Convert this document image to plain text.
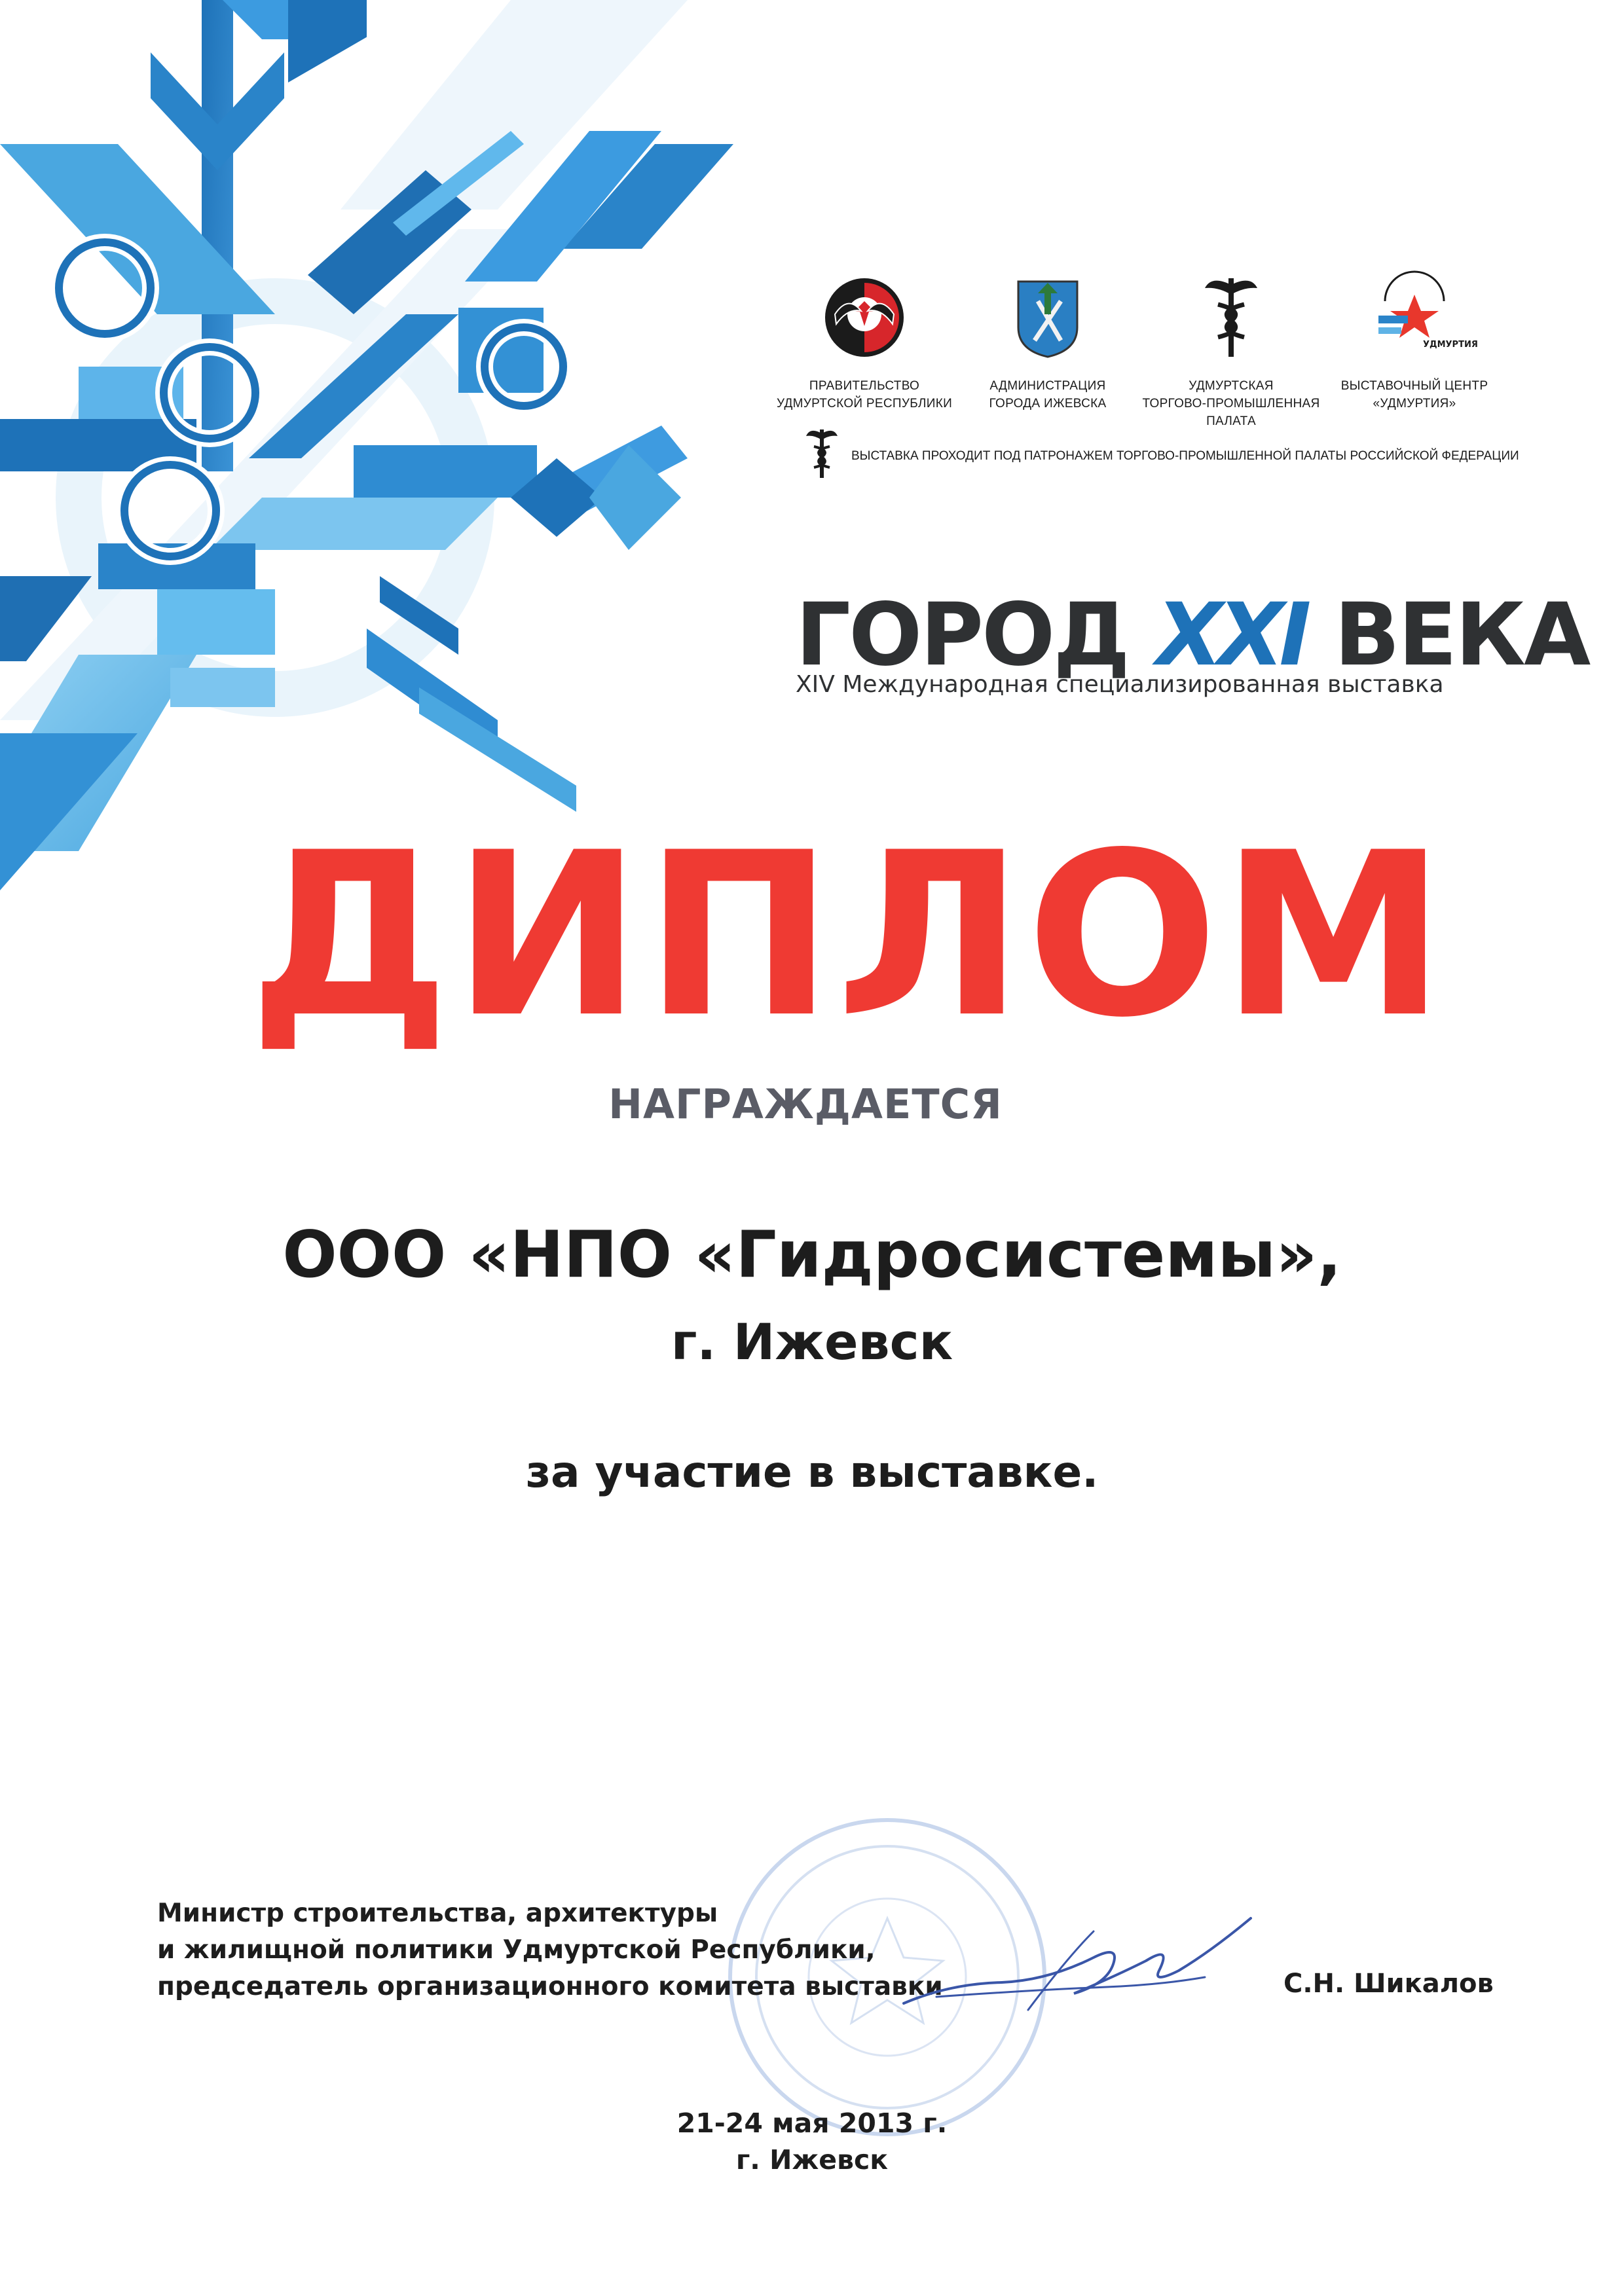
ПРАВИТЕЛЬСТВО
УДМУРТСКОЙ РЕСПУБЛИКИ
АДМИНИСТРАЦИЯ
ГОРОДА ИЖЕВСКА
УДМУРТСКАЯ
ТОРГОВО-ПРОМЫШЛЕННАЯ
ПАЛАТА
УДМУРТИЯ
ВЫСТАВОЧНЫЙ ЦЕНТР
«УДМУРТИЯ»
ВЫСТАВКА ПРОХОДИТ ПОД ПАТРОНАЖЕМ ТОРГОВО-ПРОМЫШЛЕННОЙ ПАЛАТЫ РОССИЙСКОЙ ФЕДЕРАЦИИ
ГОРОД XXI ВЕКА
XIV Международная специализированная выставка
ДИПЛОМ
НАГРАЖДАЕТСЯ
ООО «НПО «Гидросистемы»,
г. Ижевск
за участие в выставке.
Министр строительства, архитектуры
и жилищной политики Удмуртской Республики,
председатель организационного комитета выставки	С.Н. Шикалов
21-24 мая 2013 г.
г. Ижевск
